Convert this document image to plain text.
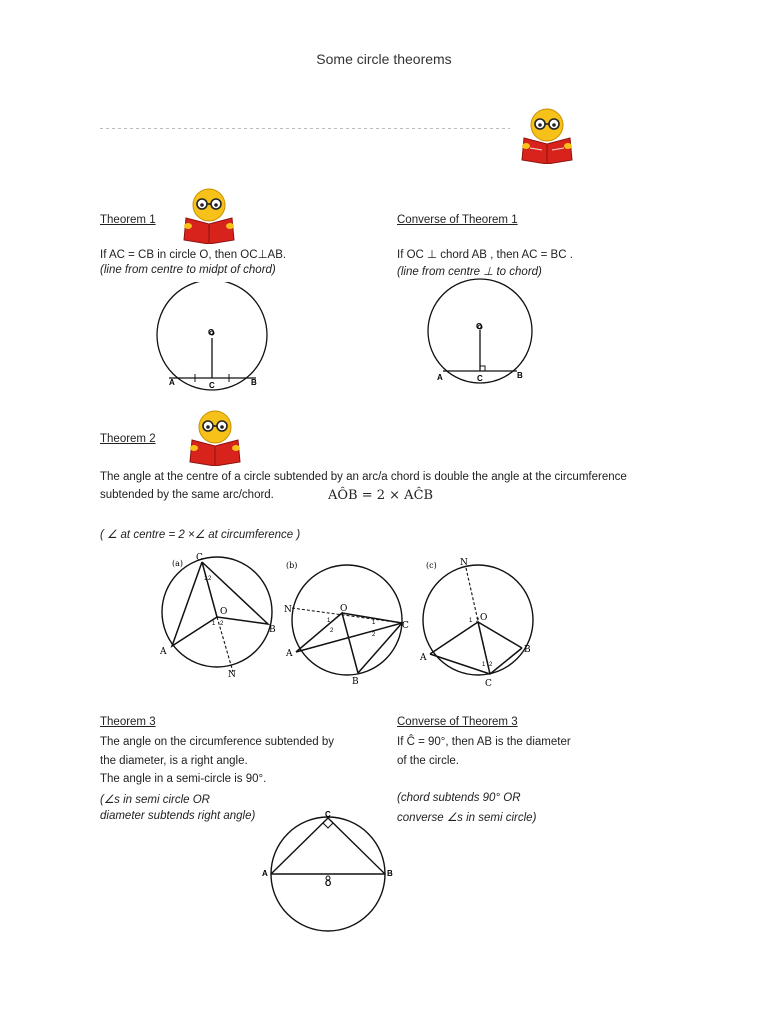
Some circle theorems
Theorem 1
If AC = CB in circle O, then OC⊥AB.
(line from centre to midpt of chord)
O
A	B
C
Converse of Theorem 1
If OC ⊥ chord AB , then AC = BC .
(line from centre ⊥ to chord)
O
A	B
C
Theorem 2
The angle at the centre of a circle subtended by an arc/a chord is double the angle at the circumference
subtended by the same arc/chord.	AÔB = 2 × AĈB
( ∠ at centre = 2 ×∠ at circumference )
(a)
C
O
B
A
N
1 2
1 2
(b)
N	O
C
A
B
1
2
1
2
(c)	N
O
B
A
C
1 2
1 2
Theorem 3
The angle on the circumference subtended by
the diameter, is a right angle.
The angle in a semi-circle is 90°.
(∠s in semi circle OR
diameter subtends right angle)
Converse of Theorem 3
If Ĉ = 90°, then AB is the diameter
of the circle.
(chord subtends 90° OR
converse ∠s in semi circle)
C
A	B
O
